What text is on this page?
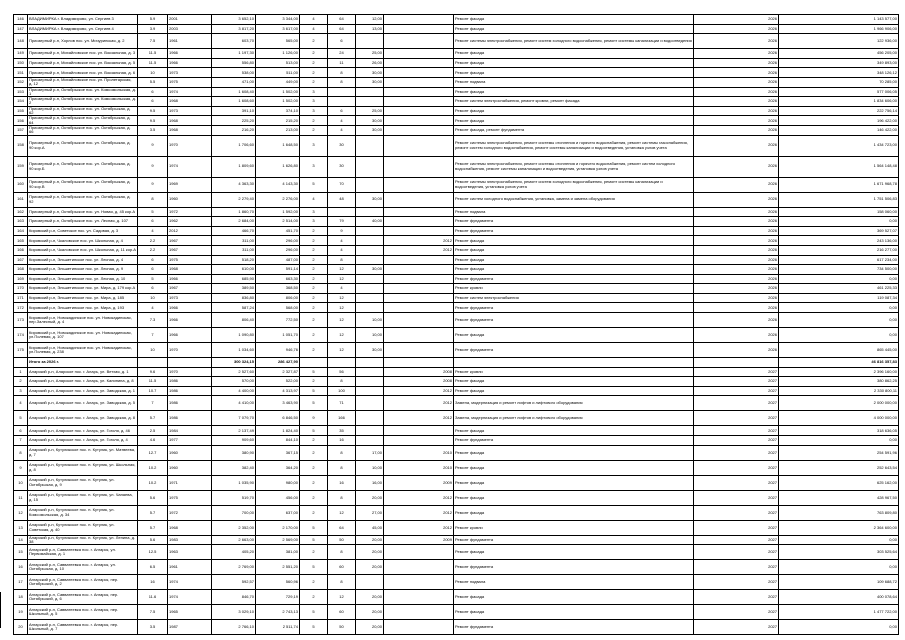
146	ВЛАДИМИРКА г. Владимирово, ул. Сергиев 3	5.9	2001	3 652,10	3 344,00	4	64	12,00		Ремонт фасада	2026	1 143 577,00
147	ВЛАДИМИРКА г. Владимирово, ул. Сергиев 4	3.9	2003	3 817,20	3 617,00	4	64	13,00		Ремонт фасада	2026	1 966 906,00
148	Приозерный р-н, Хорлов пос. ул. Мичуринская, д. 2	7.5	1961	603,70	565,00	2	6			Ремонт системы электроснабжения, ремонт систем холодного водоснабжения, ремонт системы канализации и водоотведения	2026	122 936,00
149	Приозерный р-н, Михайловское пос. ул. Вокзальная, д. 3	11.5	1966	1 197,30	1 126,00	2	24	25,00		Ремонт фасада	2026	456 205,00
150	Приозерный р-н, Михайловское пос. ул. Вокзальная, д. 5	11.5	1966	556,80	513,00	2	11	26,00		Ремонт фасада	2026	349 893,00
151	Приозерный р-н, Михайловское пос. ул. Вокзальная, д. 6	10	1973	538,00	511,00	2	8	30,00		Ремонт фасада	2026	348 126,12
152	Приозерный р-н, Михайловское пос. ул. Пролетарская, д. 12	5.5	1975	471,00	449,00	2	8	30,00		Ремонт подвала	2026	70 285,00
153	Приозерный р-н, Октябрьское пос. ул. Комсомольская, д. 1	6	1974	1 608,40	1 502,00	3				Ремонт фасада	2026	577 006,05
154	Приозерный р-н, Октябрьское пос. ул. Комсомольская, д. 2	6	1968	1 608,60	1 502,00	3				Ремонт систем электроснабжения, ремонт кровли, ремонт фасада	2026	1 834 606,00
155	Приозерный р-н, Октябрьское пос. ул. Октябрьская, д. 62	9.5	1973	391,10	374,10	3	6	25,00		Ремонт фасада	2026	222 756,14
156	Приозерный р-н, Октябрьское пос. ул. Октябрьская, д. 64	9.5	1968	225,20	215,20	2	4	30,00		Ремонт фасада	2026	196 422,00
157	Приозерный р-н, Октябрьское пос. ул. Октябрьская, д. 66	3.5	1968	216,20	213,00	2	4	30,00		Ремонт фасада, ремонт фундамента	2026	146 422,00
158	Приозерный р-н, Октябрьское пос. ул. Октябрьская, д. 90 кор.А	9	1970	1 706,60	1 648,50	3	30			Ремонт системы электроснабжения, ремонт системы отопления и горячего водоснабжения, ремонт системы газоснабжения, ремонт систем холодного водоснабжения, ремонт системы канализации и водоотведения, установка узлов учета	2026	1 434 723,00
159	Приозерный р-н, Октябрьское пос. ул. Октябрьская, д. 90 кор.Б	9	1974	1 809,60	1 626,80	3	30			Ремонт системы электроснабжения, ремонт системы отопления и горячего водоснабжения, ремонт систем холодного водоснабжения, ремонт системы канализации и водоотведения, установка узлов учета	2026	1 564 148,48
160	Приозерный р-н, Октябрьское пос. ул. Октябрьская, д. 90 кор.В	9	1969	4 363,30	4 143,30	5	70			Ремонт системы электроснабжения, ремонт систем холодного водоснабжения, ремонт системы канализации и водоотведения, установка узлов учета	2026	1 671 968,78
161	Приозерный р-н, Октябрьское пос. ул. Октябрьская, д. 92	8	1960	2 279,40	2 276,00	4	48	30,00		Ремонт систем холодного водоснабжения, установка, замена и замена оборудования	2026	1 751 506,83
162	Приозерный р-н, Октябрьское пос. ул. Новая, д. 45 кор.А	5	1972	1 860,70	1 592,00	3				Ремонт подвала	2026	158 060,00
163	Приозерный р-н, Октябрьское пос. ул. Лесная, д. 107	6	1962	2 684,00	2 514,00	3	79	40,00		Ремонт фундамента	2026	0,00
164	Кировский р-н, Советское пос. ул. Садовая, д. 3	4	2012	466,70	451,70	2	9			Ремонт фундамента	2026	369 527,07
165	Кировский р-н, Чкаловское пос. ул. Школьная, д. 4	2.2	1967	311,00	296,00	2	4		2012	Ремонт фасада	2026	243 136,00
166	Кировский р-н, Чкаловское пос. ул. Школьная, д. 11 кор.А	2.2	1967	311,00	296,00	2	4		2012	Ремонт фасада	2026	216 277,00
167	Кировский р-н, Эльшетинское пос. ул. Лесная, д. 4	6	1975	518,20	487,00	2	8			Ремонт фасада	2026	617 234,00
168	Кировский р-н, Эльшетинское пос. ул. Лесная, д. 9	6	1968	610,00	591,14	2	12	30,00		Ремонт фасада	2026	734 500,00
169	Кировский р-н, Эльшетинское пос. ул. Лесная, д. 10	5	1966	685,90	663,30	2	12			Ремонт фундамента	2026	0,00
170	Кировский р-н, Эльшетинское пос. ул. Мира, д. 179 кор.А	6	1967	389,50	368,50	2	4			Ремонт кровли	2026	461 225,33
171	Кировский р-н, Эльшетинское пос. ул. Мира, д. 185	10	1973	836,80	806,00	2	12			Ремонт систем электроснабжения	2026	119 087,34
172	Кировский р-н, Эльшетинское пос. ул. Мира, д. 193	4	1966	587,24	568,00	2	12			Ремонт фундамента	2026	0,00
173	Кировский р-н, Новокадинское пос. ул. Новокадинская, пер.Залесный, д. 4	7.3	1966	806,40	772,50	2	12	10,00		Ремонт фундамента	2026	0,00
174	Кировский р-н, Новокадинское пос. ул. Новокадинская, ул.Полевая, д. 107	7	1966	1 090,80	1 051,70	2	12	10,00		Ремонт фасада	2026	0,00
175	Кировский р-н, Новокадинское пос. ул. Новокадинская, ул.Полевая, д. 238	10	1970	1 034,60	946,76	2	12	30,00		Ремонт фундамента	2026	865 445,00
	Итого за 2026 г.			300 324,15	286 427,90							46 816 357,83
1	Аларский р-н, Аларское пос. г. Аларь, ул. Ветхая, д. 1	9.6	1970	2 527,60	2 327,87	5	56		2008	Ремонт кровли	2027	2 396 160,00
2	Аларский р-н, Аларское пос. г. Аларь, ул. Калинина, д. 8	11.5	1986	570,00	522,00	2	8		2008	Ремонт фасада	2027	380 862,25
3	Аларский р-н, Аларское пос. г. Аларь, ул. Заводская, д. 1	10.7	1986	4 400,00	4 313,97	5	100		2012	Ремонт фасада	2027	2 330 800,11
4	Аларский р-н, Аларское пос. г. Аларь, ул. Заводская, д. 5	7	1986	4 410,00	3 463,90	5	71		2012	Замена, модернизация и ремонт лифтов и лифтового оборудования	2027	2 000 000,00
5	Аларский р-н, Аларское пос. г. Аларь, ул. Заводская, д. 8	5.7	1986	7 079,70	6 846,50	9	166		2012	Замена, модернизация и ремонт лифтов и лифтового оборудования	2027	4 000 000,00
6	Аларский р-н, Аларское пос. г. Аларь, ул. Гоголя, д. 46	2.5	1984	2 137,49	1 824,40	5	35			Ремонт фасада	2027	318 636,05
7	Аларский р-н, Аларское пос. г. Аларь, ул. Гоголя, д. 4	4.6	1977	909,60	844,10	2	16			Ремонт фундамента	2027	0,00
8	Аларский р-н, Кутуликское пос. п. Кутулик, ул. Матвеева, д. 7	12.7	1960	380,90	367,15	2	8	17,00	2010	Ремонт фасада	2027	254 591,96
9	Аларский р-н, Кутуликское пос. п. Кутулик, ул. Школьная, д. 8	10.2	1960	382,40	364,20	2	8	10,00	2010	Ремонт фасада	2027	252 643,54
10	Аларский р-н, Кутуликское пос. п. Кутулик, ул. Октябрьская, д. 9	10.2	1971	1 035,90	980,00	2	16	16,00	2009	Ремонт фасада	2027	625 162,00
11	Аларский р-н, Кутуликское пос. п. Кутулик, ул. Чапаева, д. 15	5.6	1975	519,70	456,00	2	8	20,00	2012	Ремонт фасада	2027	428 967,50
12	Аларский р-н, Кутуликское пос. п. Кутулик, ул. Комсомольская, д. 34	5.7	1972	700,00	637,00	2	12	27,00	2012	Ремонт фасада	2027	763 809,80
13	Аларский р-н, Кутуликское пос. п. Кутулик, ул. Советская, д. 40	5.7	1968	2 352,00	2 170,00	5	64	45,00	2012	Ремонт кровли	2027	2 364 600,00
14	Аларский р-н, Кутуликское пос. п. Кутулик, ул. Ленина, д. 38	5.6	1983	2 663,00	2 569,00	5	50	20,00	2009	Ремонт фундамента	2027	0,00
15	Ангарский р-н, Савватеевка пос. г. Ангарск, ул. Первомайская, д. 1	12.5	1963	405,20	381,00	2	8	20,00		Ремонт фасада	2027	303 525,64
16	Ангарский р-н, Савватеевка пос. г. Ангарск, ул. Октябрьская, д. 10	6.5	1961	2 769,00	2 551,20	5	60	20,00		Ремонт фундамента	2027	0,00
17	Ангарский р-н, Савватеевка пос. г. Ангарск, пер. Октябрьский, д. 2	16	1974	592,57	560,96	2	8			Ремонт подвала	2027	109 688,72
18	Ангарский р-н, Савватеевка пос. г. Ангарск, пер. Октябрьский, д. 6	11.6	1974	846,70	729,19	2	12	20,00		Ремонт фасада	2027	400 078,64
19	Ангарский р-н, Савватеевка пос. г. Ангарск, пер. Школьный, д. 5	7.5	1965	3 029,10	2 743,13	5	60	20,00		Ремонт фасада	2027	1 477 722,00
20	Ангарский р-н, Савватеевка пос. г. Ангарск, пер. Школьный, д. 7	3.5	1987	2 766,10	2 511,74	5	50	20,00		Ремонт фундамента	2027	0,00
